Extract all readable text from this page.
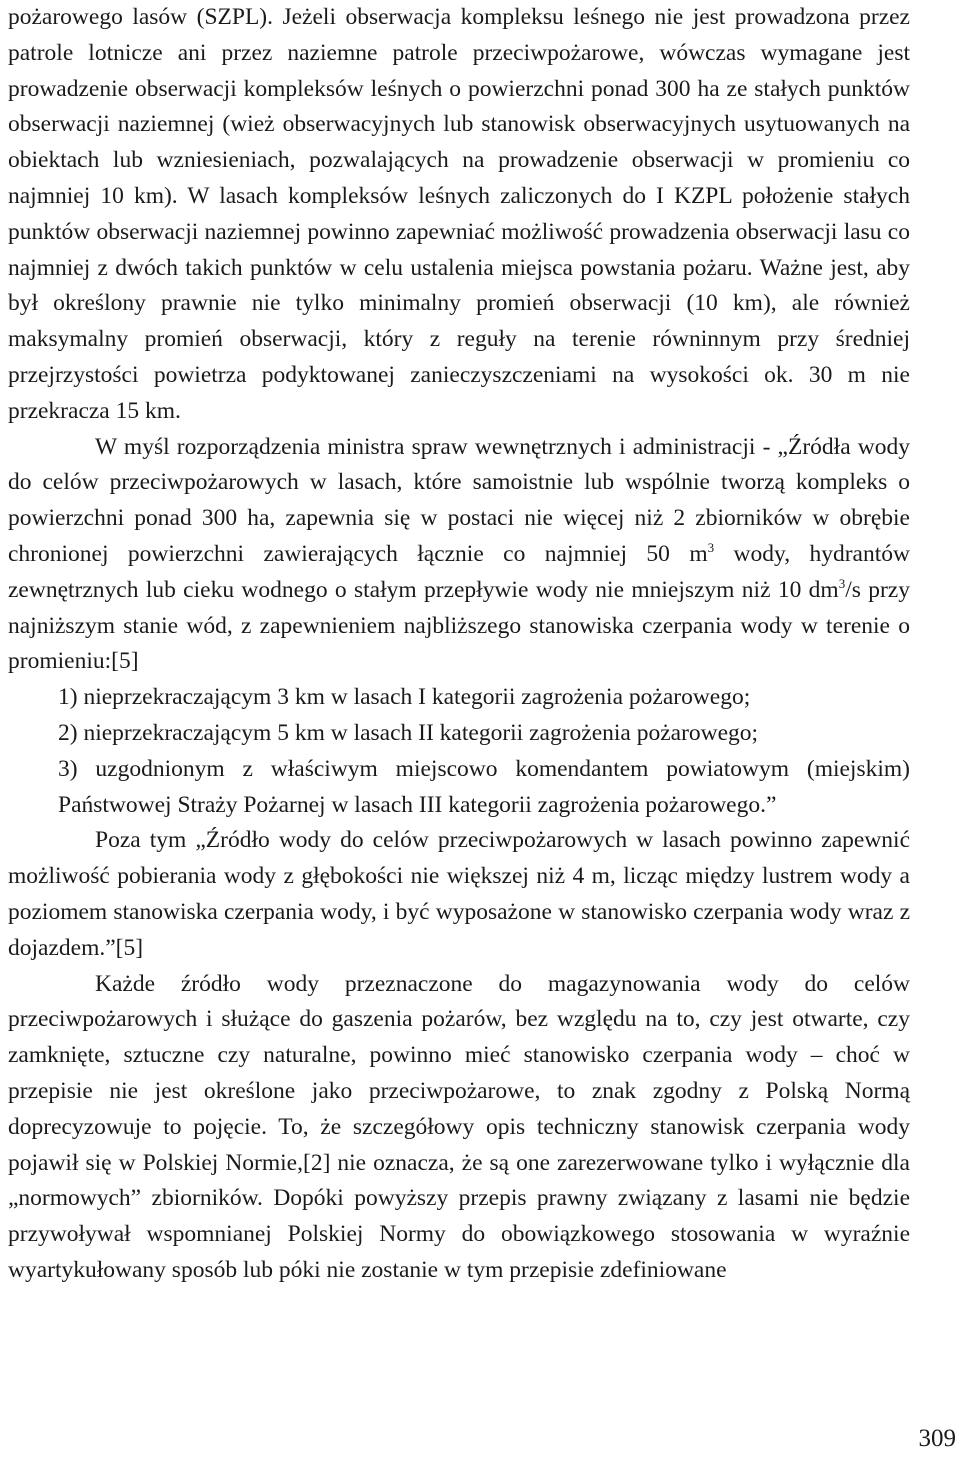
pożarowego lasów (SZPL). Jeżeli obserwacja kompleksu leśnego nie jest prowadzona przez patrole lotnicze ani przez naziemne patrole przeciwpożarowe, wówczas wymagane jest prowadzenie obserwacji kompleksów leśnych o powierzchni ponad 300 ha ze stałych punktów obserwacji naziemnej (wież obserwacyjnych lub stanowisk obserwacyjnych usytuowanych na obiektach lub wzniesieniach, pozwalających na prowadzenie obserwacji w promieniu co najmniej 10 km). W lasach kompleksów leśnych zaliczonych do I KZPL położenie stałych punktów obserwacji naziemnej powinno zapewniać możliwość prowadzenia obserwacji lasu co najmniej z dwóch takich punktów w celu ustalenia miejsca powstania pożaru. Ważne jest, aby był określony prawnie nie tylko minimalny promień obserwacji (10 km), ale również maksymalny promień obserwacji, który z reguły na terenie równinnym przy średniej przejrzystości powietrza podyktowanej zanieczyszczeniami na wysokości ok. 30 m nie przekracza 15 km.

W myśl rozporządzenia ministra spraw wewnętrznych i administracji - „Źródła wody do celów przeciwpożarowych w lasach, które samoistnie lub wspólnie tworzą kompleks o powierzchni ponad 300 ha, zapewnia się w postaci nie więcej niż 2 zbiorników w obrębie chronionej powierzchni zawierających łącznie co najmniej 50 $m^3$ wody, hydrantów zewnętrznych lub cieku wodnego o stałym przepływie wody nie mniejszym niż 10 $dm^3/s$ przy najniższym stanie wód, z zapewnieniem najbliższego stanowiska czerpania wody w terenie o promieniu:[5]

1) nieprzekraczającym 3 km w lasach I kategorii zagrożenia pożarowego;
2) nieprzekraczającym 5 km w lasach II kategorii zagrożenia pożarowego;
3) uzgodnionym z właściwym miejscowo komendantem powiatowym (miejskim) Państwowej Straży Pożarnej w lasach III kategorii zagrożenia pożarowego.”

Poza tym „Źródło wody do celów przeciwpożarowych w lasach powinno zapewnić możliwość pobierania wody z głębokości nie większej niż 4 m, licząc między lustrem wody a poziomem stanowiska czerpania wody, i być wyposażone w stanowisko czerpania wody wraz z dojazdem.”[5]

Każde źródło wody przeznaczone do magazynowania wody do celów przeciwpożarowych i służące do gaszenia pożarów, bez względu na to, czy jest otwarte, czy zamknięte, sztuczne czy naturalne, powinno mieć stanowisko czerpania wody – choć w przepisie nie jest określone jako przeciwpożarowe, to znak zgodny z Polską Normą doprecyzowuje to pojęcie. To, że szczegółowy opis techniczny stanowisk czerpania wody pojawił się w Polskiej Normie,[2] nie oznacza, że są one zarezerwowane tylko i wyłącznie dla „normowych” zbiorników. Dopóki powyższy przepis prawny związany z lasami nie będzie przywoływał wspomnianej Polskiej Normy do obowiązkowego stosowania w wyraźnie wyartykułowany sposób lub póki nie zostanie w tym przepisie zdefiniowane

309
